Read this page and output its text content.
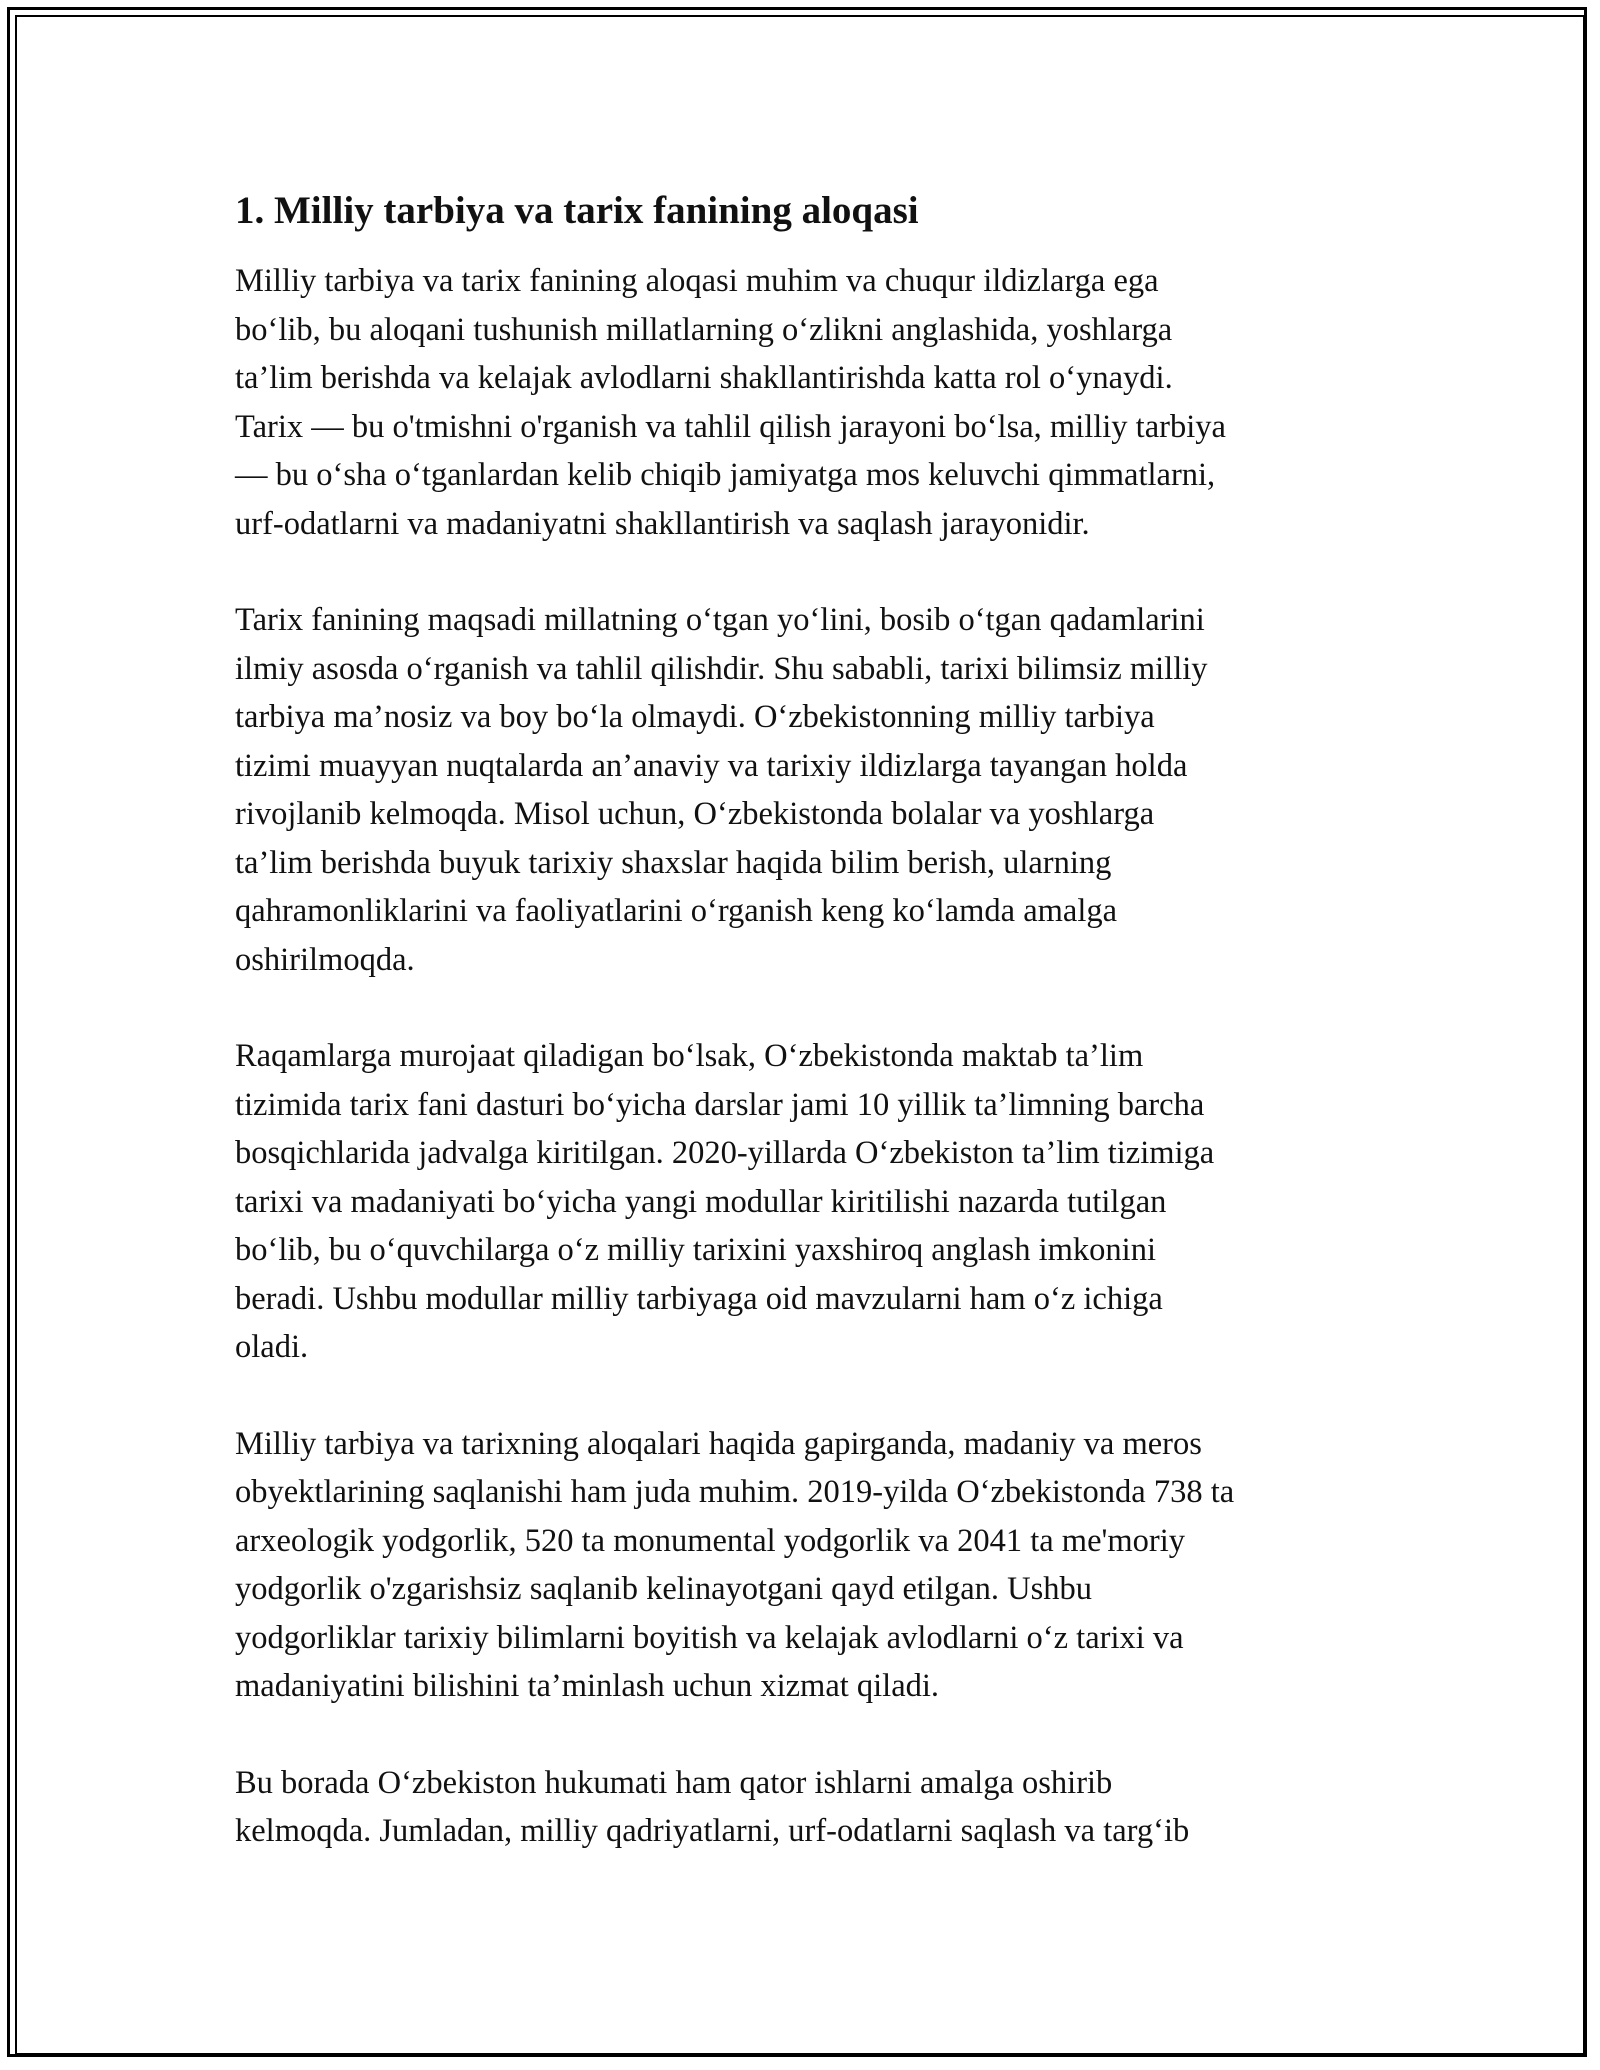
1. Milliy tarbiya va tarix fanining aloqasi

Milliy tarbiya va tarix fanining aloqasi muhim va chuqur ildizlarga ega
bo‘lib, bu aloqani tushunish millatlarning o‘zlikni anglashida, yoshlarga
ta’lim berishda va kelajak avlodlarni shakllantirishda katta rol o‘ynaydi.
Tarix — bu o'tmishni o'rganish va tahlil qilish jarayoni bo‘lsa, milliy tarbiya
— bu o‘sha o‘tganlardan kelib chiqib jamiyatga mos keluvchi qimmatlarni,
urf-odatlarni va madaniyatni shakllantirish va saqlash jarayonidir.

Tarix fanining maqsadi millatning o‘tgan yo‘lini, bosib o‘tgan qadamlarini
ilmiy asosda o‘rganish va tahlil qilishdir. Shu sababli, tarixi bilimsiz milliy
tarbiya ma’nosiz va boy bo‘la olmaydi. O‘zbekistonning milliy tarbiya
tizimi muayyan nuqtalarda an’anaviy va tarixiy ildizlarga tayangan holda
rivojlanib kelmoqda. Misol uchun, O‘zbekistonda bolalar va yoshlarga
ta’lim berishda buyuk tarixiy shaxslar haqida bilim berish, ularning
qahramonliklarini va faoliyatlarini o‘rganish keng ko‘lamda amalga
oshirilmoqda.

Raqamlarga murojaat qiladigan bo‘lsak, O‘zbekistonda maktab ta’lim
tizimida tarix fani dasturi bo‘yicha darslar jami 10 yillik ta’limning barcha
bosqichlarida jadvalga kiritilgan. 2020-yillarda O‘zbekiston ta’lim tizimiga
tarixi va madaniyati bo‘yicha yangi modullar kiritilishi nazarda tutilgan
bo‘lib, bu o‘quvchilarga o‘z milliy tarixini yaxshiroq anglash imkonini
beradi. Ushbu modullar milliy tarbiyaga oid mavzularni ham o‘z ichiga
oladi.

Milliy tarbiya va tarixning aloqalari haqida gapirganda, madaniy va meros
obyektlarining saqlanishi ham juda muhim. 2019-yilda O‘zbekistonda 738 ta
arxeologik yodgorlik, 520 ta monumental yodgorlik va 2041 ta me'moriy
yodgorlik o'zgarishsiz saqlanib kelinayotgani qayd etilgan. Ushbu
yodgorliklar tarixiy bilimlarni boyitish va kelajak avlodlarni o‘z tarixi va
madaniyatini bilishini ta’minlash uchun xizmat qiladi.

Bu borada O‘zbekiston hukumati ham qator ishlarni amalga oshirib
kelmoqda. Jumladan, milliy qadriyatlarni, urf-odatlarni saqlash va targ‘ib
